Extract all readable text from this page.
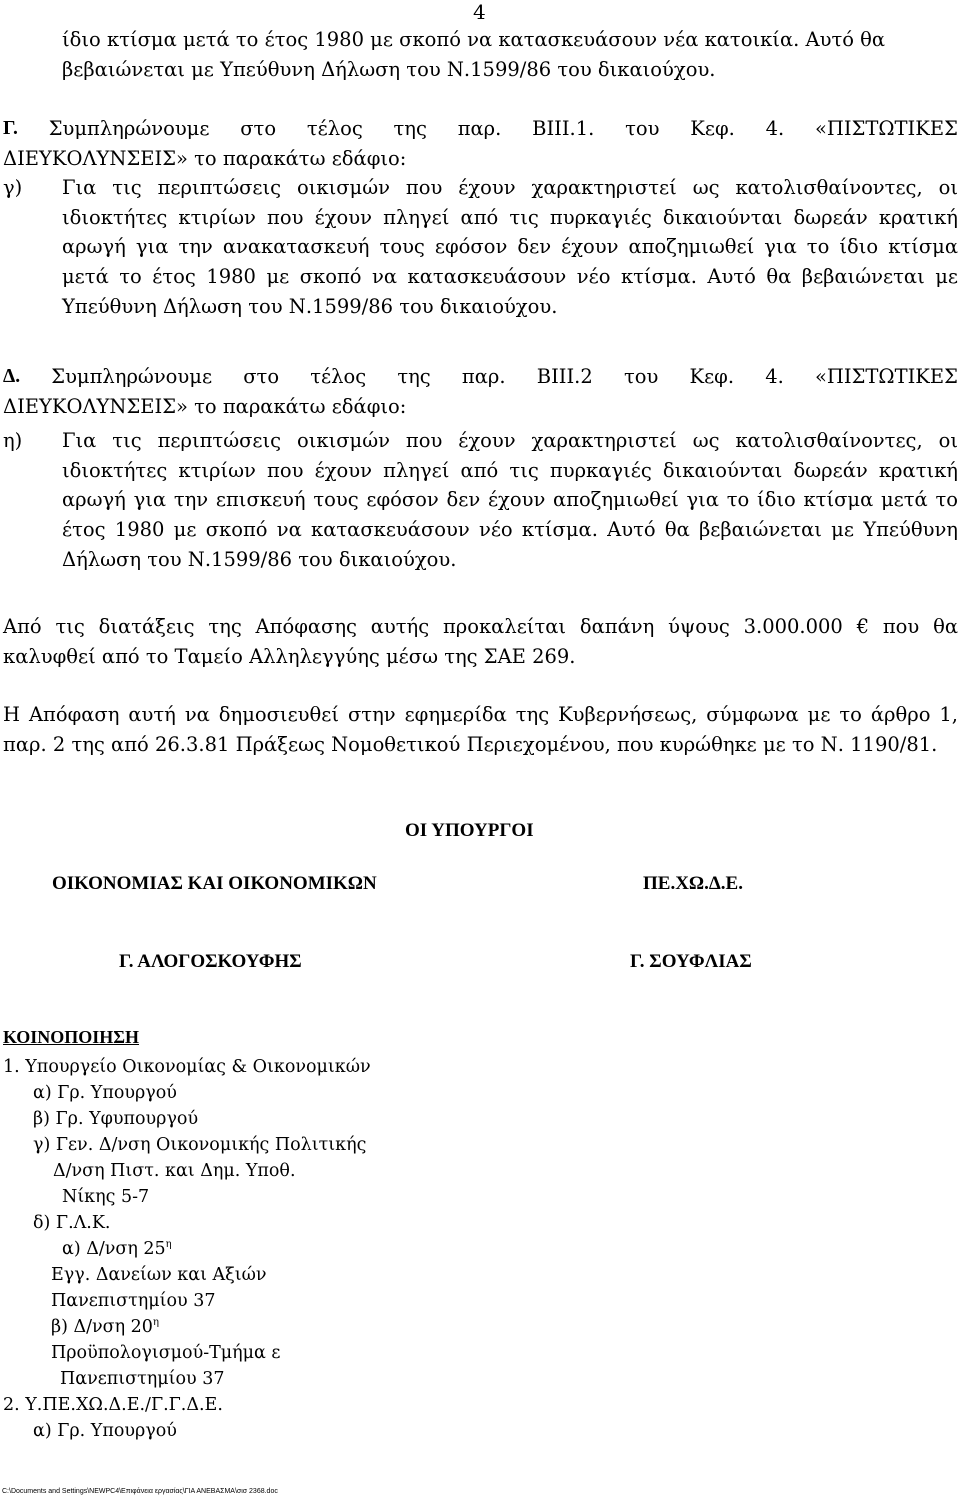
4
ίδιο κτίσμα μετά το έτος 1980 με σκοπό να κατασκευάσουν νέα κατοικία. Αυτό θα
βεβαιώνεται με Υπεύθυνη Δήλωση του Ν.1599/86 του δικαιούχου.
Γ. Συμπληρώνουμε στο τέλος της παρ. ΒΙΙΙ.1. του Κεφ. 4. «ΠΙΣΤΩΤΙΚΕΣ
ΔΙΕΥΚΟΛΥΝΣΕΙΣ» το παρακάτω εδάφιο:
γ) Για τις περιπτώσεις οικισμών που έχουν χαρακτηριστεί ως κατολισθαίνοντες, οι ιδιοκτήτες κτιρίων που έχουν πληγεί από τις πυρκαγιές δικαιούνται δωρεάν κρατική αρωγή για την ανακατασκευή τους εφόσον δεν έχουν αποζημιωθεί για το ίδιο κτίσμα μετά το έτος 1980 με σκοπό να κατασκευάσουν νέο κτίσμα. Αυτό θα βεβαιώνεται με Υπεύθυνη Δήλωση του Ν.1599/86 του δικαιούχου.
Δ. Συμπληρώνουμε στο τέλος της παρ. ΒΙΙΙ.2 του Κεφ. 4. «ΠΙΣΤΩΤΙΚΕΣ
ΔΙΕΥΚΟΛΥΝΣΕΙΣ» το παρακάτω εδάφιο:
η) Για τις περιπτώσεις οικισμών που έχουν χαρακτηριστεί ως κατολισθαίνοντες, οι ιδιοκτήτες κτιρίων που έχουν πληγεί από τις πυρκαγιές δικαιούνται δωρεάν κρατική αρωγή για την επισκευή τους εφόσον δεν έχουν αποζημιωθεί για το ίδιο κτίσμα μετά το έτος 1980 με σκοπό να κατασκευάσουν νέο κτίσμα. Αυτό θα βεβαιώνεται με Υπεύθυνη Δήλωση του Ν.1599/86 του δικαιούχου.
Από τις διατάξεις της Απόφασης αυτής προκαλείται δαπάνη ύψους 3.000.000 € που θα καλυφθεί από το Ταμείο Αλληλεγγύης μέσω της ΣΑΕ 269.
Η Απόφαση αυτή να δημοσιευθεί στην εφημερίδα της Κυβερνήσεως, σύμφωνα με το άρθρο 1, παρ. 2 της από 26.3.81 Πράξεως Νομοθετικού Περιεχομένου, που κυρώθηκε με το Ν. 1190/81.
ΟΙ ΥΠΟΥΡΓΟΙ
ΟΙΚΟΝΟΜΙΑΣ ΚΑΙ ΟΙΚΟΝΟΜΙΚΩΝ	ΠΕ.ΧΩ.Δ.Ε.
Γ. ΑΛΟΓΟΣΚΟΥΦΗΣ	Γ. ΣΟΥΦΛΙΑΣ
ΚΟΙΝΟΠΟΙΗΣΗ
1. Υπουργείο Οικονομίας & Οικονομικών
α) Γρ. Υπουργού
β) Γρ. Υφυπουργού
γ) Γεν. Δ/νση Οικονομικής Πολιτικής
Δ/νση Πιστ. και Δημ. Υποθ.
Νίκης 5-7
δ) Γ.Λ.Κ.
α) Δ/νση $25^\eta$
Εγγ. Δανείων και Αξιών
Πανεπιστημίου 37
β) Δ/νση $20^\eta$
Προϋπολογισμού-Τμήμα ε
Πανεπιστημίου 37
2. Υ.ΠΕ.ΧΩ.Δ.Ε./Γ.Γ.Δ.Ε.
α) Γρ. Υπουργού
C:\Documents and Settings\NEWPC4\Επιφάνεια εργασίας\ΓΙΑ ΑΝΕΒΑΣΜΑ\σισ 2368.doc
